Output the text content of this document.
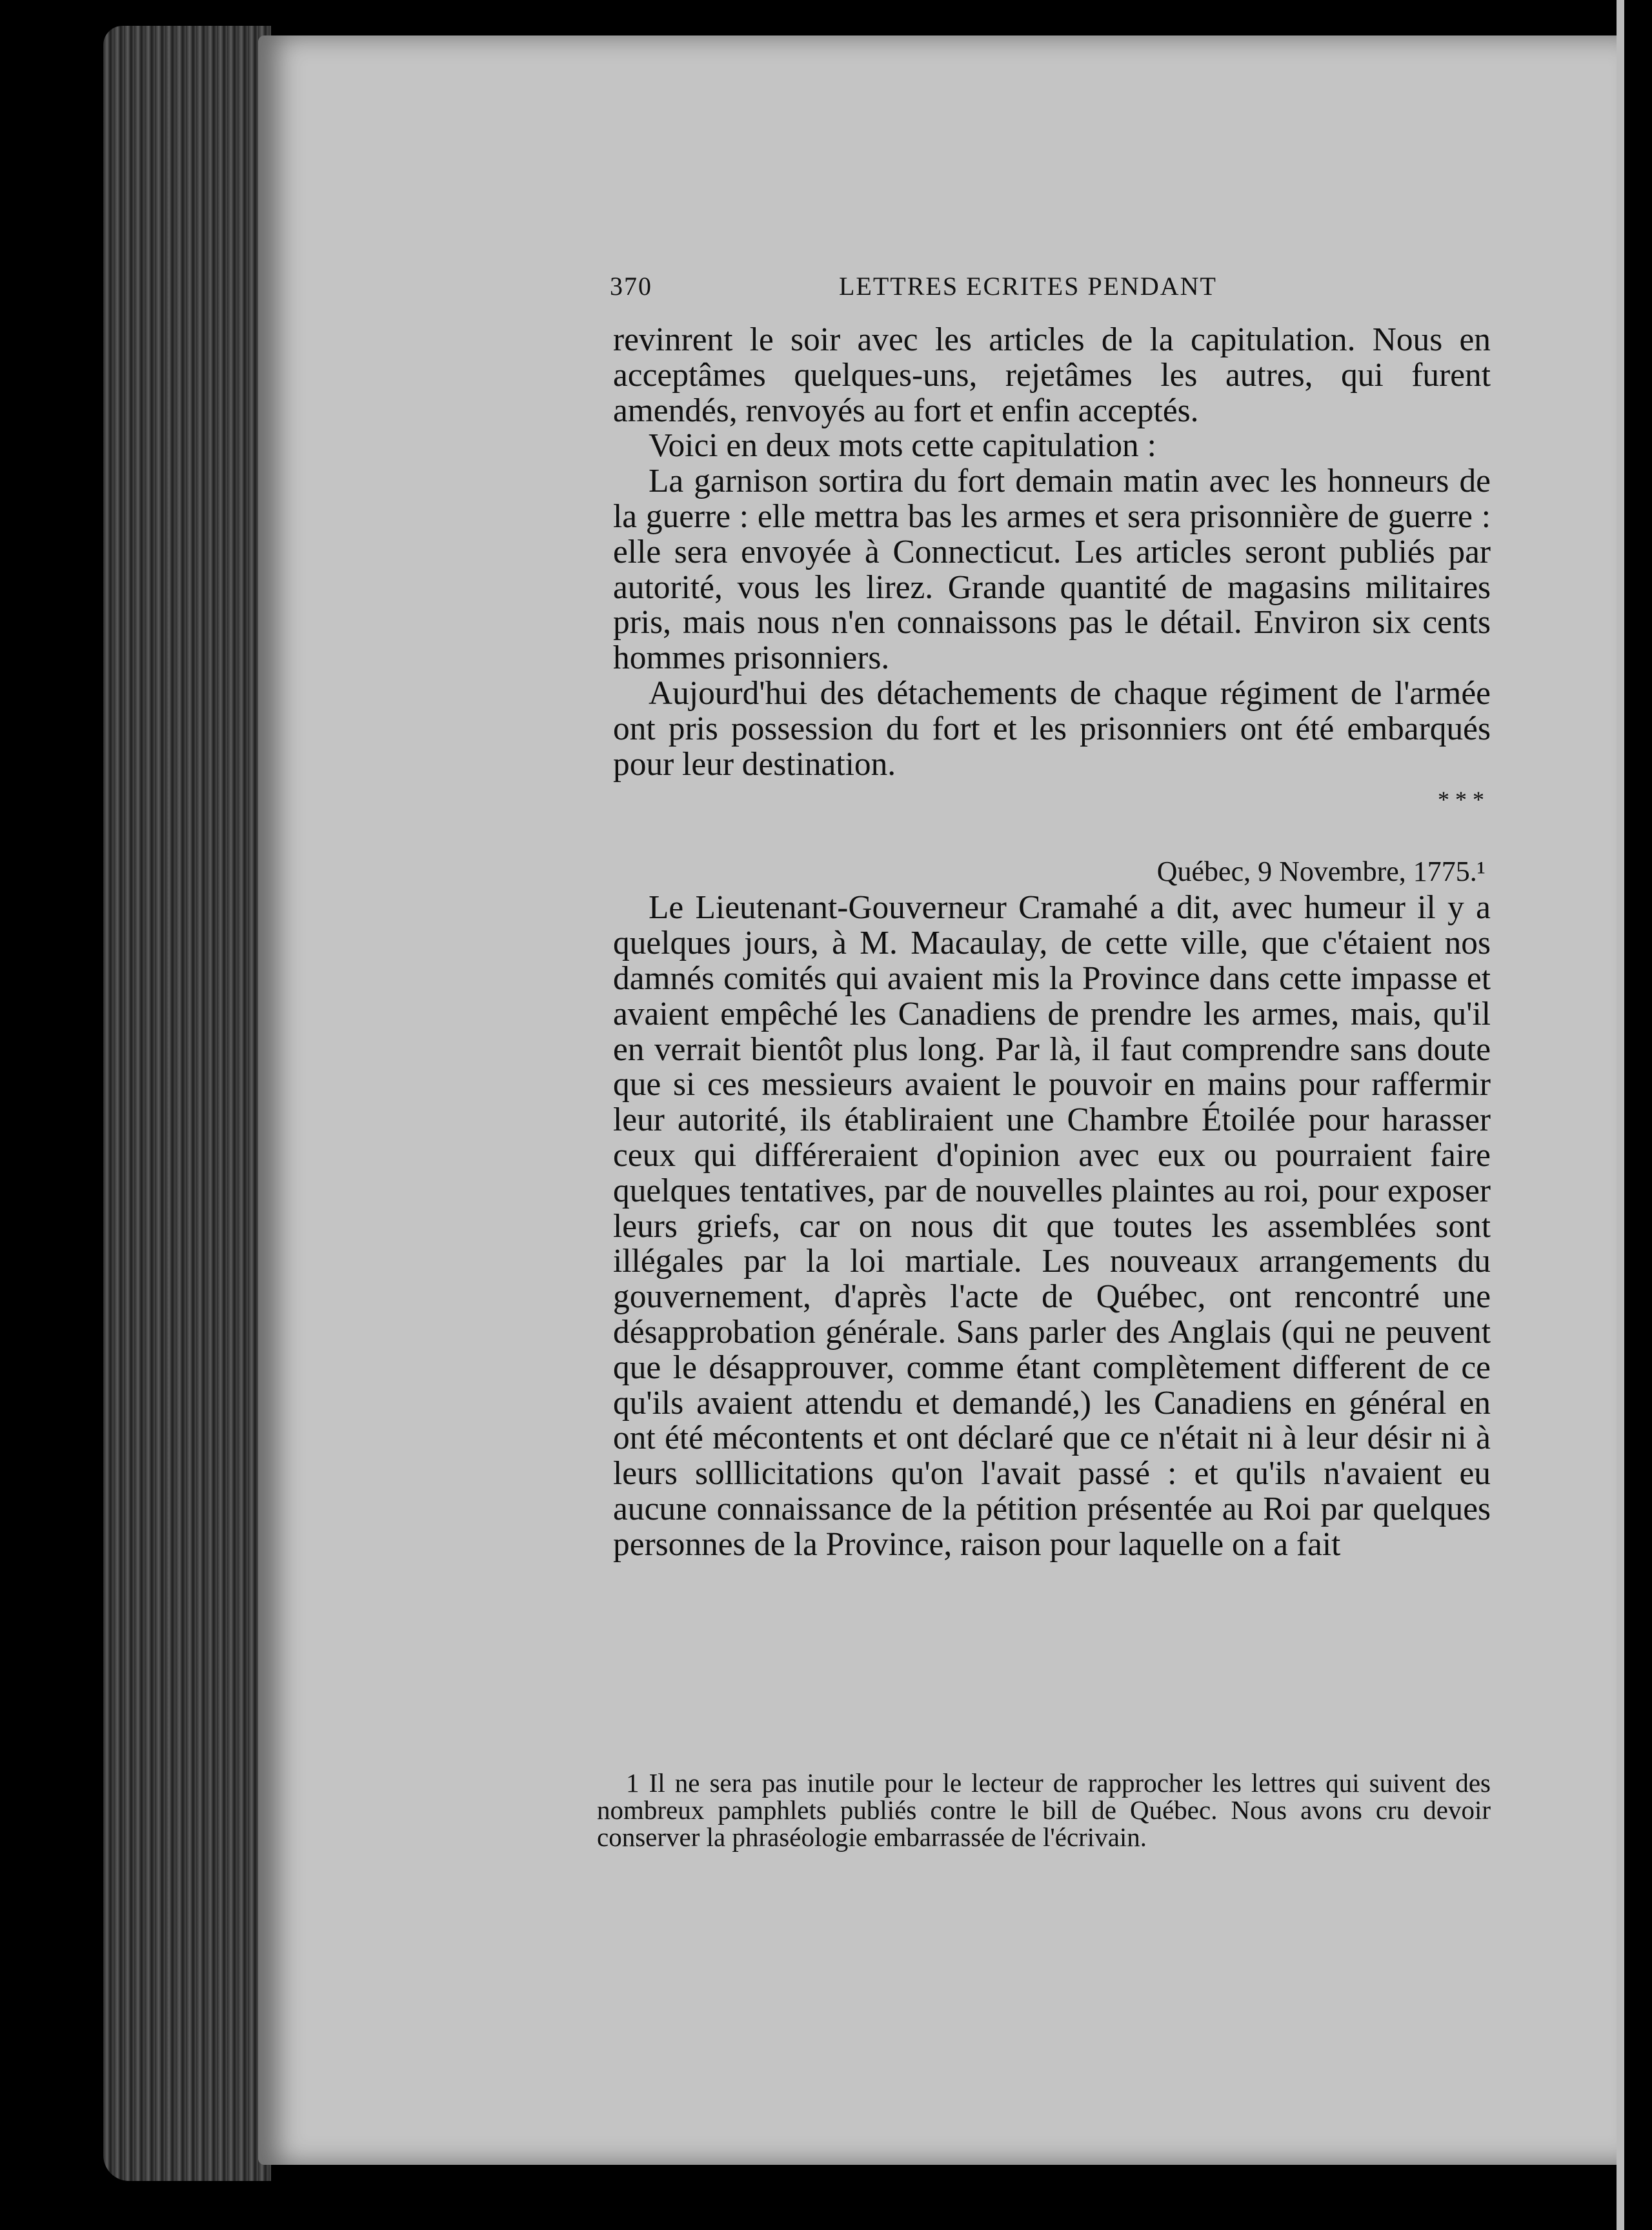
370	LETTRES ECRITES PENDANT

revinrent le soir avec les articles de la capitulation. Nous en acceptâmes quelques-uns, rejetâmes les autres, qui furent amendés, renvoyés au fort et enfin acceptés.

Voici en deux mots cette capitulation :

La garnison sortira du fort demain matin avec les honneurs de la guerre : elle mettra bas les armes et sera prisonnière de guerre : elle sera envoyée à Connecticut. Les articles seront publiés par autorité, vous les lirez. Grande quantité de magasins militaires pris, mais nous n'en connaissons pas le détail. Environ six cents hommes prisonniers.

Aujourd'hui des détachements de chaque régiment de l'armée ont pris possession du fort et les prisonniers ont été embarqués pour leur destination.

* * *
Québec, 9 Novembre, 1775.¹

Le Lieutenant-Gouverneur Cramahé a dit, avec humeur il y a quelques jours, à M. Macaulay, de cette ville, que c'étaient nos damnés comités qui avaient mis la Province dans cette impasse et avaient empêché les Canadiens de prendre les armes, mais, qu'il en verrait bientôt plus long. Par là, il faut comprendre sans doute que si ces messieurs avaient le pouvoir en mains pour raffermir leur autorité, ils établiraient une Chambre Étoilée pour harasser ceux qui différeraient d'opinion avec eux ou pourraient faire quelques tentatives, par de nouvelles plaintes au roi, pour exposer leurs griefs, car on nous dit que toutes les assemblées sont illégales par la loi martiale. Les nouveaux arrangements du gouvernement, d'après l'acte de Québec, ont rencontré une désapprobation générale. Sans parler des Anglais (qui ne peuvent que le désapprouver, comme étant complètement different de ce qu'ils avaient attendu et demandé,) les Canadiens en général en ont été mécontents et ont déclaré que ce n'était ni à leur désir ni à leurs solllicitations qu'on l'avait passé : et qu'ils n'avaient eu aucune connaissance de la pétition présentée au Roi par quelques personnes de la Province, raison pour laquelle on a fait

1 Il ne sera pas inutile pour le lecteur de rapprocher les lettres qui suivent des nombreux pamphlets publiés contre le bill de Québec. Nous avons cru devoir conserver la phraséologie embarrassée de l'écrivain.
